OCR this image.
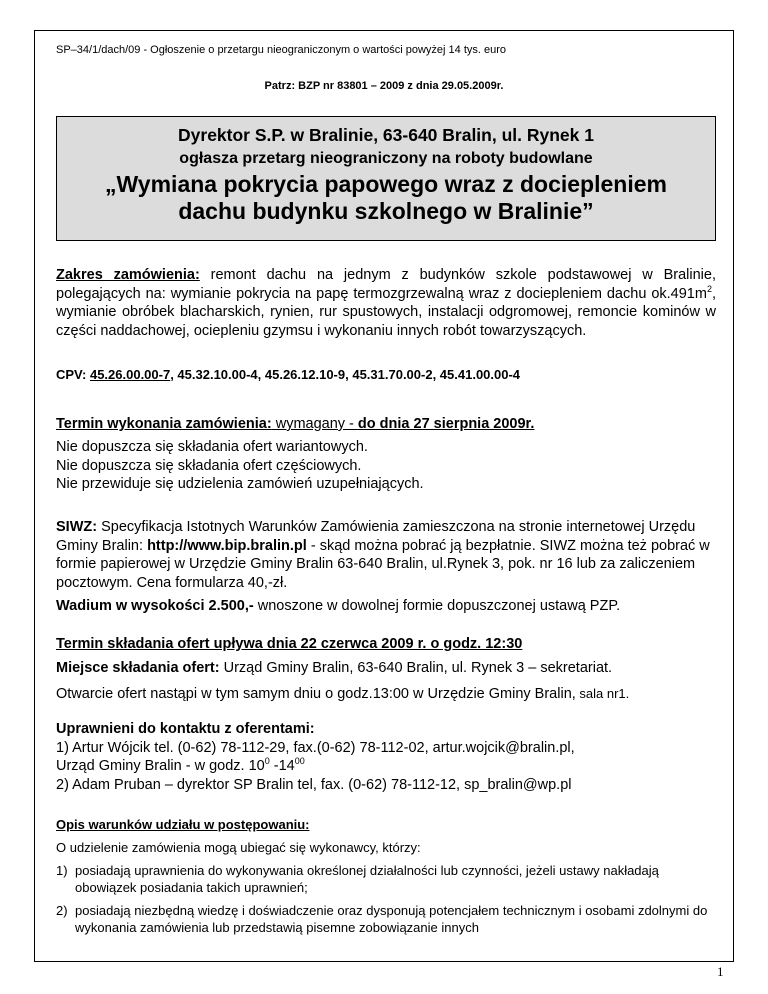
SP–34/1/dach/09 - Ogłoszenie o przetargu nieograniczonym o wartości powyżej 14 tys. euro
Patrz: BZP nr 83801 – 2009 z dnia 29.05.2009r.
Dyrektor S.P. w Bralinie, 63-640 Bralin, ul. Rynek 1
ogłasza przetarg nieograniczony na roboty budowlane
„Wymiana pokrycia papowego wraz z dociepleniem
dachu budynku szkolnego w Bralinie”
Zakres zamówienia: remont dachu na jednym z budynków szkole podstawowej w Bralinie, polegających na: wymianie pokrycia na papę termozgrzewalną wraz z dociepleniem dachu $ok.491m^2$, wymianie obróbek blacharskich, rynien, rur spustowych, instalacji odgromowej, remoncie kominów w części naddachowej, ociepleniu gzymsu i wykonaniu innych robót towarzyszących.
CPV: 45.26.00.00-7, 45.32.10.00-4, 45.26.12.10-9, 45.31.70.00-2, 45.41.00.00-4
Termin wykonania zamówienia: wymagany - do dnia 27 sierpnia 2009r.
Nie dopuszcza się składania ofert wariantowych.
Nie dopuszcza się składania ofert częściowych.
Nie przewiduje się udzielenia zamówień uzupełniających.
SIWZ: Specyfikacja Istotnych Warunków Zamówienia zamieszczona na stronie internetowej Urzędu Gminy Bralin: http://www.bip.bralin.pl - skąd można pobrać ją bezpłatnie. SIWZ można też pobrać w formie papierowej w Urzędzie Gminy Bralin 63-640 Bralin, ul.Rynek 3, pok. nr 16 lub za zaliczeniem pocztowym. Cena formularza 40,-zł.
Wadium w wysokości 2.500,- wnoszone w dowolnej formie dopuszczonej ustawą PZP.
Termin składania ofert upływa dnia 22 czerwca 2009 r. o godz. 12:30
Miejsce składania ofert: Urząd Gminy Bralin, 63-640 Bralin, ul. Rynek 3 – sekretariat.
Otwarcie ofert nastąpi w tym samym dniu o godz.13:00 w Urzędzie Gminy Bralin, sala nr1.
Uprawnieni do kontaktu z oferentami:
1) Artur Wójcik tel. (0-62) 78-112-29, fax.(0-62) 78-112-02, artur.wojcik@bralin.pl,
Urząd Gminy Bralin - w godz. $10^0$ $-14^{00}$
2) Adam Pruban – dyrektor SP Bralin tel, fax. (0-62) 78-112-12, sp_bralin@wp.pl
Opis warunków udziału w postępowaniu:
O udzielenie zamówienia mogą ubiegać się wykonawcy, którzy:
1) posiadają uprawnienia do wykonywania określonej działalności lub czynności, jeżeli ustawy nakładają obowiązek posiadania takich uprawnień;
2) posiadają niezbędną wiedzę i doświadczenie oraz dysponują potencjałem technicznym i osobami zdolnymi do wykonania zamówienia lub przedstawią pisemne zobowiązanie innych
1
